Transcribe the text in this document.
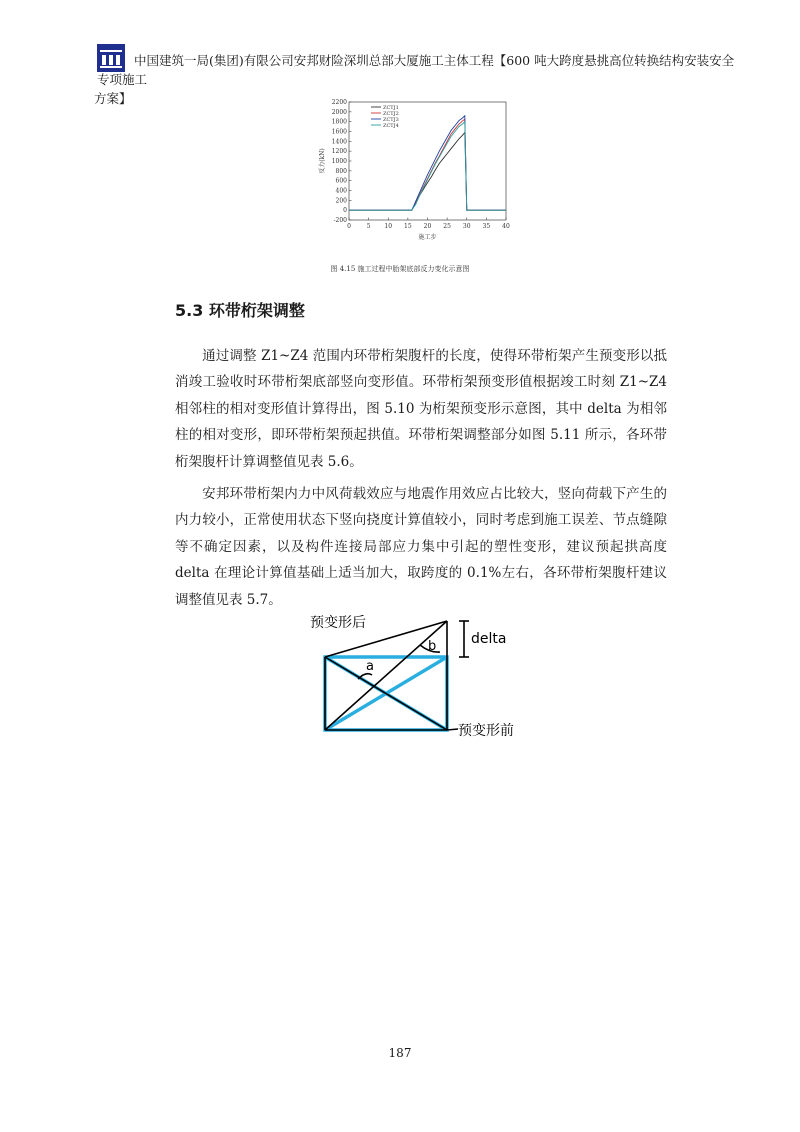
中国建筑一局(集团)有限公司安邦财险深圳总部大厦施工主体工程【600 吨大跨度悬挑高位转换结构安装安全专项施工
方案】

-200
0
200
400
600
800
1000
1200
1400
1600
1800
2000
2200
0	5 10 15 20 25 30 35 40
施工步
反力(kN)
ZCTJ1
ZCTJ2
ZCTJ3
ZCTJ4
图 4.15 施工过程中胎架底部反力变化示意图
5.3 环带桁架调整

通过调整 Z1~Z4 范围内环带桁架腹杆的长度，使得环带桁架产生预变形以抵消竣工验收时环带桁架底部竖向变形值。环带桁架预变形值根据竣工时刻 Z1~Z4 相邻柱的相对变形值计算得出，图 5.10 为桁架预变形示意图，其中 delta 为相邻柱的相对变形，即环带桁架预起拱值。环带桁架调整部分如图 5.11 所示，各环带桁架腹杆计算调整值见表 5.6。

安邦环带桁架内力中风荷载效应与地震作用效应占比较大，竖向荷载下产生的内力较小，正常使用状态下竖向挠度计算值较小，同时考虑到施工误差、节点缝隙等不确定因素，以及构件连接局部应力集中引起的塑性变形，建议预起拱高度 delta 在理论计算值基础上适当加大，取跨度的 0.1%左右，各环带桁架腹杆建议调整值见表 5.7。

预变形后
预变形前
delta
a
b
187
